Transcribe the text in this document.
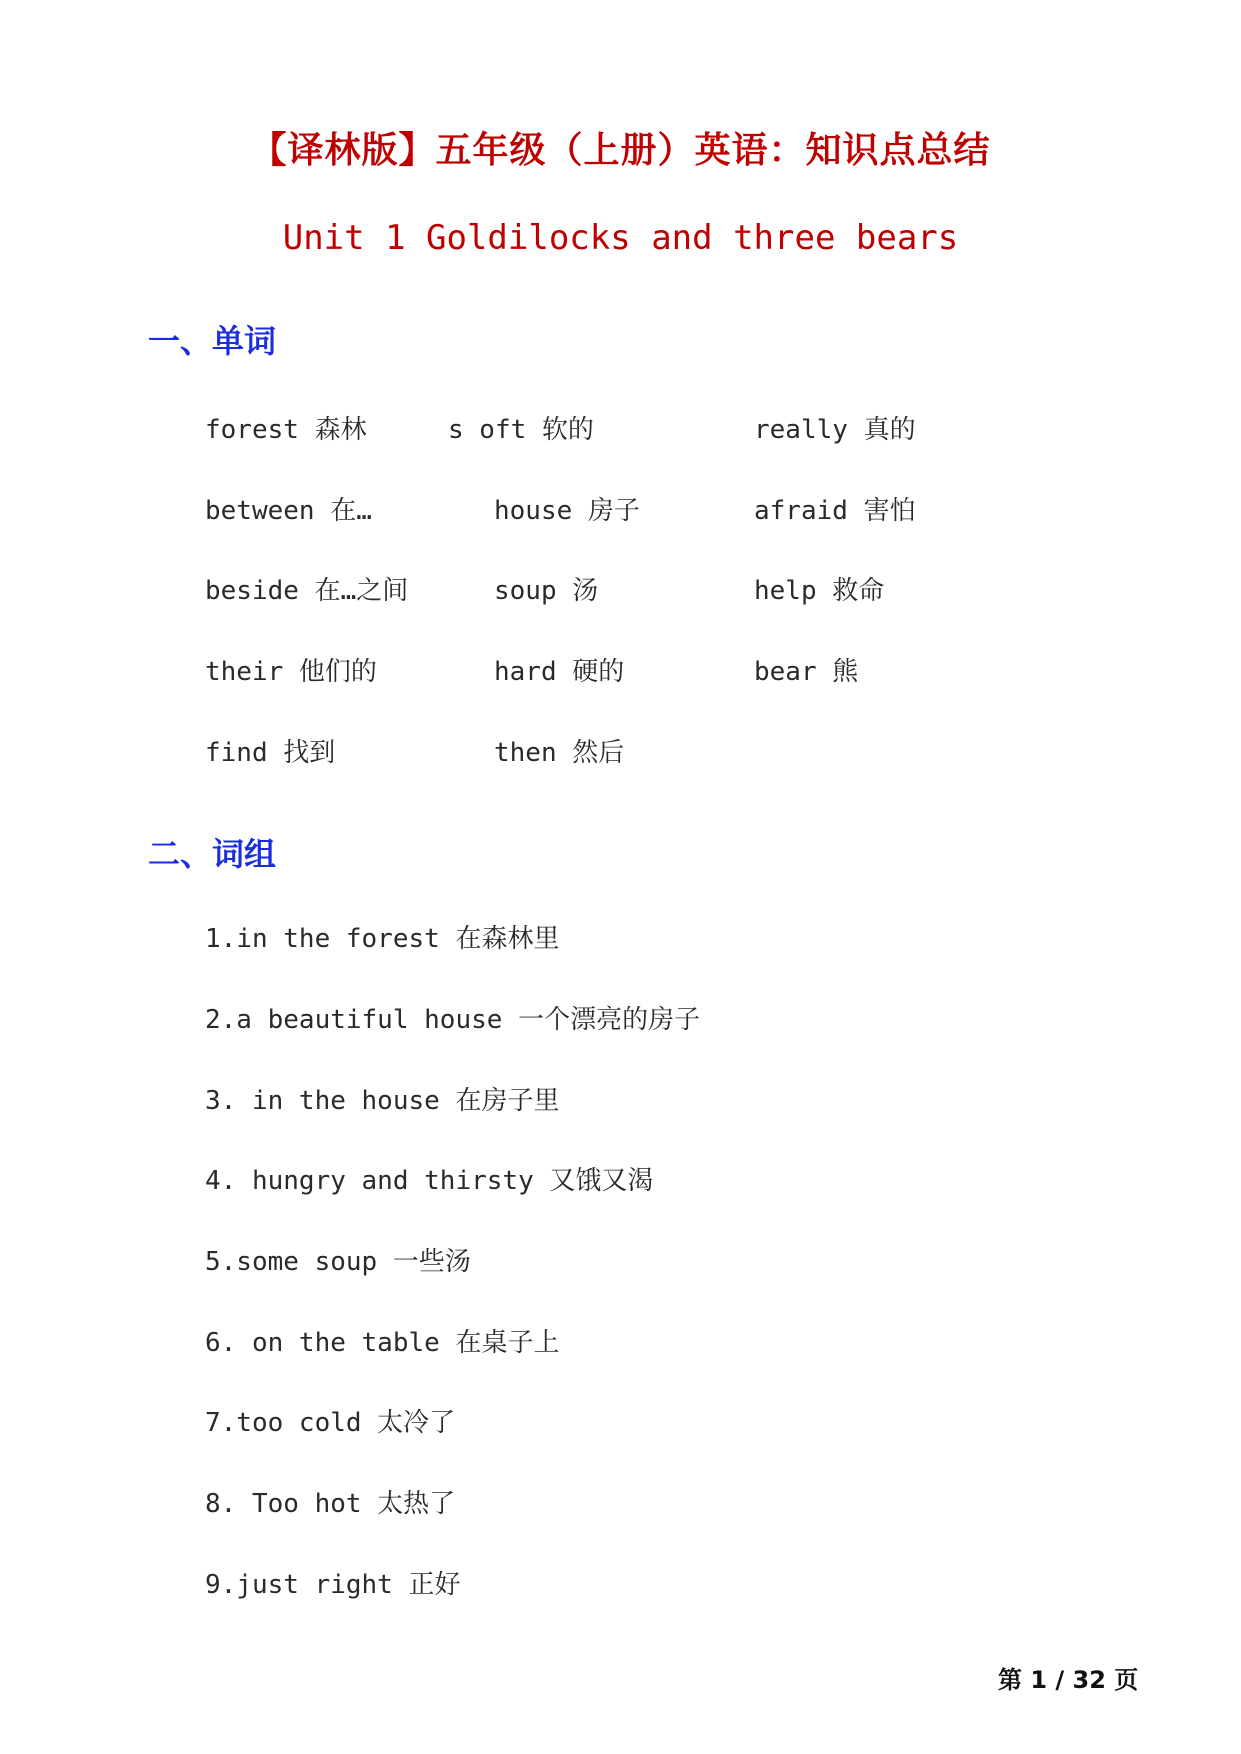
【译林版】五年级（上册）英语：知识点总结
Unit 1 Goldilocks and three bears
一、单词
forest 森林	s oft 软的	really 真的
between 在…	house 房子	afraid 害怕
beside 在…之间	soup 汤	help 救命
their 他们的	hard 硬的	bear 熊
find 找到	then 然后
二、词组
1.in the forest 在森林里
2.a beautiful house 一个漂亮的房子
3. in the house 在房子里
4. hungry and thirsty 又饿又渴
5.some soup 一些汤
6. on the table 在桌子上
7.too cold 太冷了
8. Too hot 太热了
9.just right 正好
第 1 / 32 页
